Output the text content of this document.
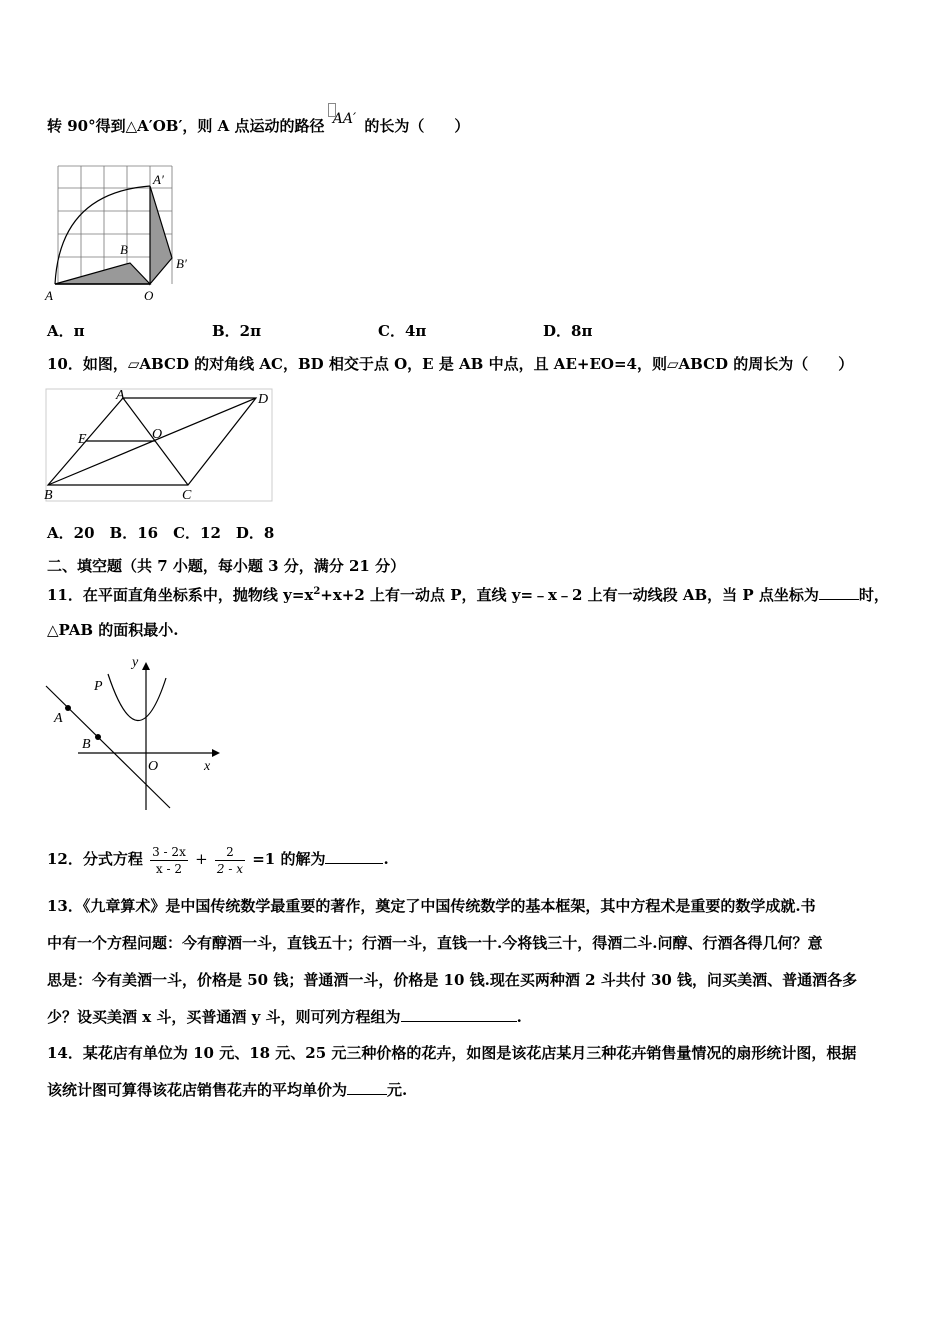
转 90°得到△A′OB′，则 A 点运动的路径 AA′ 的长为（　　）
A	O
B
A′
B′
A．π	B．2π	C．4π	D．8π
10．如图，▱ABCD 的对角线 AC，BD 相交于点 O，E 是 AB 中点，且 AE+EO=4，则▱ABCD 的周长为（　　）
A	D
E	O
B	C
A．20　B．16　C．12　D．8
二、填空题（共 7 小题，每小题 3 分，满分 21 分）
11．在平面直角坐标系中，抛物线 $y=x^2+x+2$ 上有一动点 P，直线 y=﹣x﹣2 上有一动线段 AB，当 P 点坐标为	时，
△PAB 的面积最小.
y
x
P
A
B
O
12．分式方程 $\frac{3 - 2x}{x - 2} + \frac{2}{2 - x} =1$ 的解为	.
13．《九章算术》是中国传统数学最重要的著作，奠定了中国传统数学的基本框架，其中方程术是重要的数学成就.书
中有一个方程问题：今有醇酒一斗，直钱五十；行酒一斗，直钱一十.今将钱三十，得酒二斗.问醇、行酒各得几何？意
思是：今有美酒一斗，价格是 50 钱；普通酒一斗，价格是 10 钱.现在买两种酒 2 斗共付 30 钱，问买美酒、普通酒各多
少？设买美酒 x 斗，买普通酒 y 斗，则可列方程组为	.
14．某花店有单位为 10 元、18 元、25 元三种价格的花卉，如图是该花店某月三种花卉销售量情况的扇形统计图，根据
该统计图可算得该花店销售花卉的平均单价为	元.
